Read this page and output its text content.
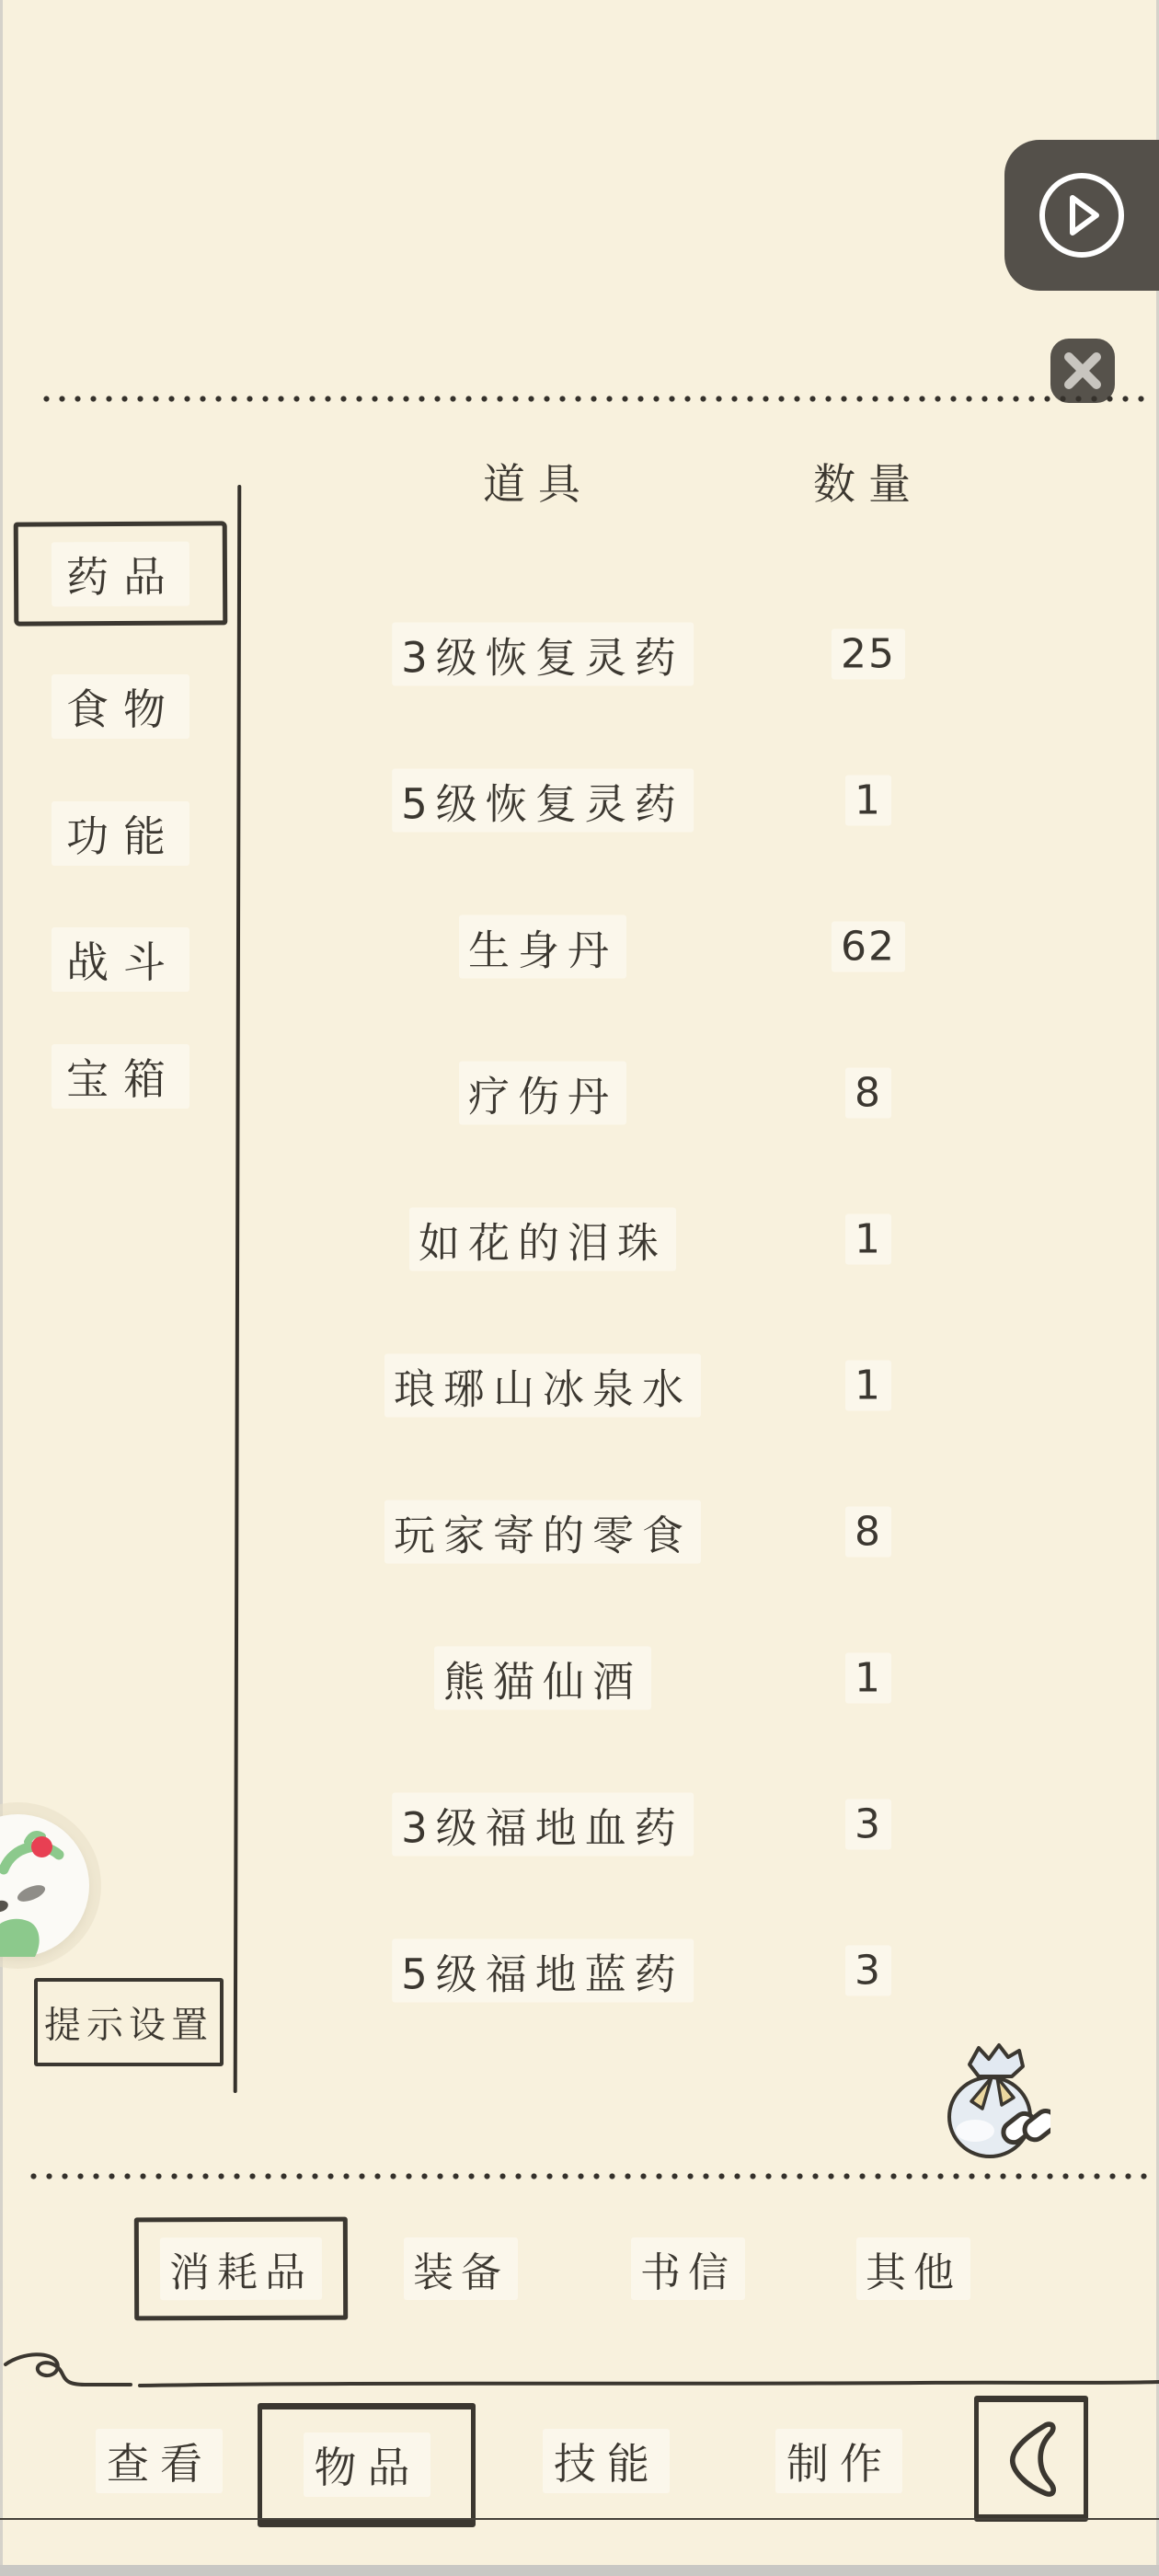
道具	数量
药品
食物
功能
战斗
宝箱
3级恢复灵药	25
5级恢复灵药	1
生身丹	62
疗伤丹	8
如花的泪珠	1
琅琊山冰泉水	1
玩家寄的零食	8
熊猫仙酒	1
3级福地血药	3
5级福地蓝药	3
提示设置
消耗品 装备	书信	其他
查看 物品	技能	制作
